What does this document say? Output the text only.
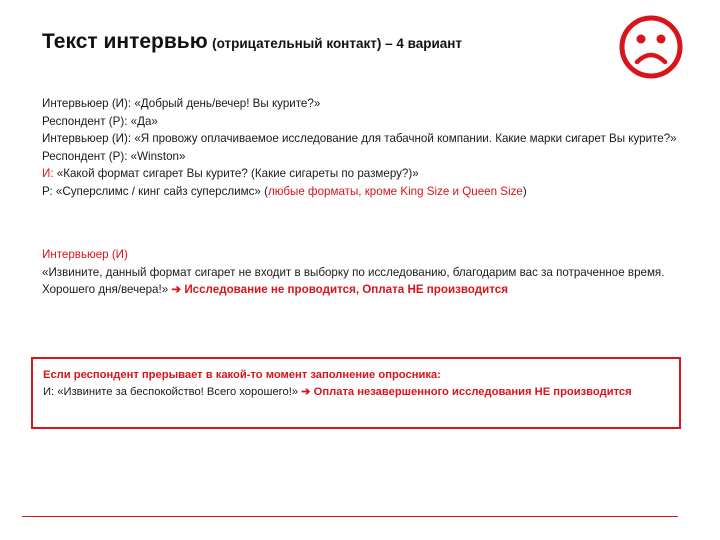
Текст интервью (отрицательный контакт) – 4 вариант
Интервьюер (И): «Добрый день/вечер! Вы курите?»
Респондент (Р): «Да»
Интервьюер (И): «Я провожу оплачиваемое исследование для табачной компании. Какие марки сигарет Вы курите?»
Респондент (Р): «Winston»
И: «Какой формат сигарет Вы курите? (Какие сигареты по размеру?)»
Р: «Суперслимс / кинг сайз суперслимс» (любые форматы, кроме King Size и Queen Size)
Интервьюер (И)
«Извините, данный формат сигарет не входит в выборку по исследованию, благодарим вас за потраченное время. Хорошего дня/вечера!» ➔ Исследование не проводится, Оплата НЕ производится
Если респондент прерывает в какой-то момент заполнение опросника:
И: «Извините за беспокойство! Всего хорошего!» ➔ Оплата незавершенного исследования НЕ производится
